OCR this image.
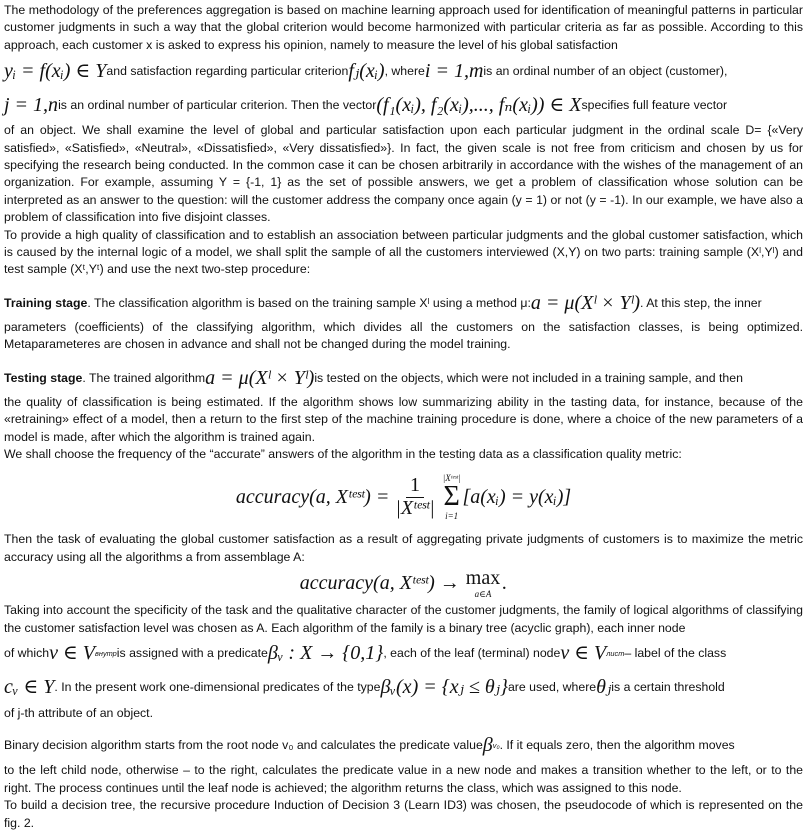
The methodology of the preferences aggregation is based on machine learning approach used for identification of meaningful patterns in particular customer judgments in such a way that the global criterion would become harmonized with particular criteria as far as possible. According to this approach, each customer x is asked to express his opinion, namely to measure the level of his global satisfaction

yᵢ = f(xᵢ) ∈ Y and satisfaction regarding particular criterion fⱼ(xᵢ) , where i = 1,m is an ordinal number of an object (customer),
j = 1,n is an ordinal number of particular criterion. Then the vector (f₁(xᵢ), f₂(xᵢ),..., fₙ(xᵢ)) ∈ X specifies full feature vector

of an object. We shall examine the level of global and particular satisfaction upon each particular judgment in the ordinal scale D= {«Very satisfied», «Satisfied», «Neutral», «Dissatisfied», «Very dissatisfied»}. In fact, the given scale is not free from criticism and chosen by us for specifying the research being conducted. In the common case it can be chosen arbitrarily in accordance with the wishes of the management of an organization. For example, assuming Y = {-1, 1} as the set of possible answers, we get a problem of classification whose solution can be interpreted as an answer to the question: will the customer address the company once again (y = 1) or not (y = -1). In our example, we have also a problem of classification into five disjoint classes.

To provide a high quality of classification and to establish an association between particular judgments and the global customer satisfaction, which is caused by the internal logic of a model, we shall split the sample of all the customers interviewed (X,Y) on two parts: training sample (Xˡ,Yˡ) and test sample (Xᵗ,Yᵗ) and use the next two-step procedure:

Training stage . The classification algorithm is based on the training sample Xˡ using a method μ: a = μ(Xˡ × Yˡ) . At this step, the inner

parameters (coefficients) of the classifying algorithm, which divides all the customers on the satisfaction classes, is being optimized. Metaparameteres are chosen in advance and shall not be changed during the model training.

Testing stage . The trained algorithm a = μ(Xˡ × Yˡ) is tested on the objects, which were not included in a training sample, and then

the quality of classification is being estimated. If the algorithm shows low summarizing ability in the tasting data, for instance, because of the «retraining» effect of a model, then a return to the first step of the machine training procedure is done, where a choice of the new parameters of a model is made, after which the algorithm is trained again.

We shall choose the frequency of the “accurate” answers of the algorithm in the testing data as a classification quality metric:

accuracy(a, Xᵗᵉˢᵗ) = $\frac{1}{\text{|Xᵗᵉˢᵗ|}}$ |Xᵗᵉˢᵗ|
Σ
i=1
[a(xᵢ) = y(xᵢ)]

Then the task of evaluating the global customer satisfaction as a result of aggregating private judgments of customers is to maximize the metric accuracy using all the algorithms a from assemblage A:

accuracy(a, Xᵗᵉˢᵗ) → max
a∈A .

Taking into account the specificity of the task and the qualitative character of the customer judgments, the family of logical algorithms of classifying the customer satisfaction level was chosen as A. Each algorithm of the family is a binary tree (acyclic graph), each inner node

of which v ∈ V внутр is assigned with a predicate βᵥ : X → {0,1} , each of the leaf (terminal) node v ∈ V лист – label of the class
cᵥ ∈ Y . In the present work one-dimensional predicates of the type βᵥ(x) = {xⱼ ≤ θⱼ} are used, where θⱼ is a certain threshold

of j-th attribute of an object.

Binary decision algorithm starts from the root node v₀ and calculates the predicate value β v₀ . If it equals zero, then the algorithm moves

to the left child node, otherwise – to the right, calculates the predicate value in a new node and makes a transition whether to the left, or to the right. The process continues until the leaf node is achieved; the algorithm returns the class, which was assigned to this node.

To build a decision tree, the recursive procedure Induction of Decision 3 (Learn ID3) was chosen, the pseudocode of which is represented on the fig. 2.
